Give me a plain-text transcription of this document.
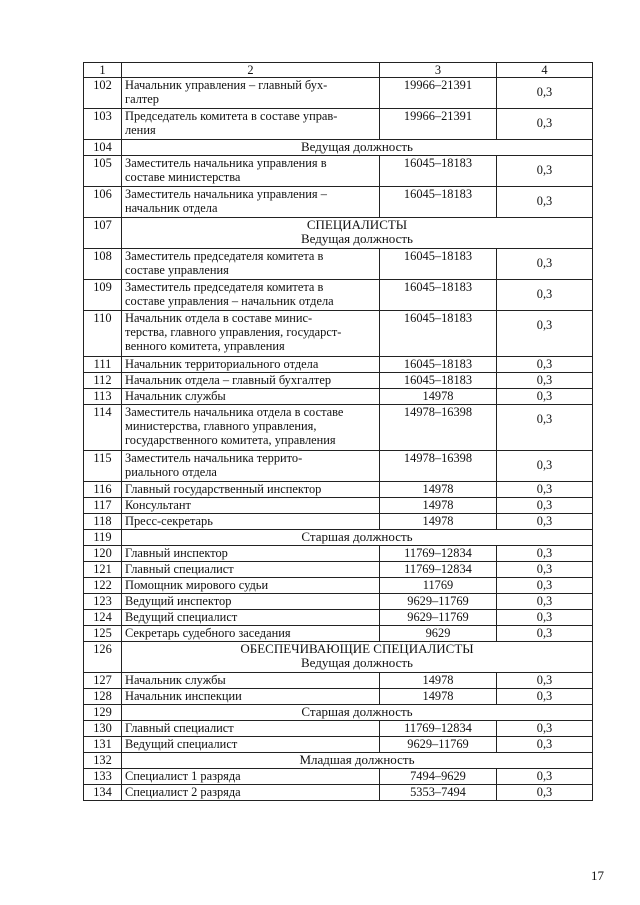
1	2	3	4
102	Начальник управления – главный бух-
галтер	19966–21391	0,3
103	Председатель комитета в составе управ-
ления	19966–21391	0,3
104	Ведущая должность		

105	Заместитель начальника управления в
составе министерства	16045–18183	0,3
106	Заместитель начальника управления –
начальник отдела	16045–18183	0,3
107	СПЕЦИАЛИСТЫ
Ведущая должность		

108	Заместитель председателя комитета в
составе управления	16045–18183	0,3
109	Заместитель председателя комитета в
составе управления – начальник отдела	16045–18183	0,3
110	Начальник отдела в составе минис-
терства, главного управления, государст-
венного комитета, управления	16045–18183	0,3
111	Начальник территориального отдела	16045–18183	0,3
112	Начальник отдела – главный бухгалтер	16045–18183	0,3
113	Начальник службы	14978	0,3
114	Заместитель начальника отдела в составе
министерства, главного управления,
государственного комитета, управления	14978–16398	0,3
115	Заместитель начальника террито-
риального отдела	14978–16398	0,3
116	Главный государственный инспектор	14978	0,3
117	Консультант	14978	0,3
118	Пресс-секретарь	14978	0,3
119	Старшая должность		

120	Главный инспектор	11769–12834	0,3
121	Главный специалист	11769–12834	0,3
122	Помощник мирового судьи	11769	0,3
123	Ведущий инспектор	9629–11769	0,3
124	Ведущий специалист	9629–11769	0,3
125	Секретарь судебного заседания	9629	0,3
126	ОБЕСПЕЧИВАЮЩИЕ СПЕЦИАЛИСТЫ
Ведущая должность		

127	Начальник службы	14978	0,3
128	Начальник инспекции	14978	0,3
129	Старшая должность		

130	Главный специалист	11769–12834	0,3
131	Ведущий специалист	9629–11769	0,3
132	Младшая должность		

133	Специалист 1 разряда	7494–9629	0,3
134	Специалист 2 разряда	5353–7494	0,3
17
